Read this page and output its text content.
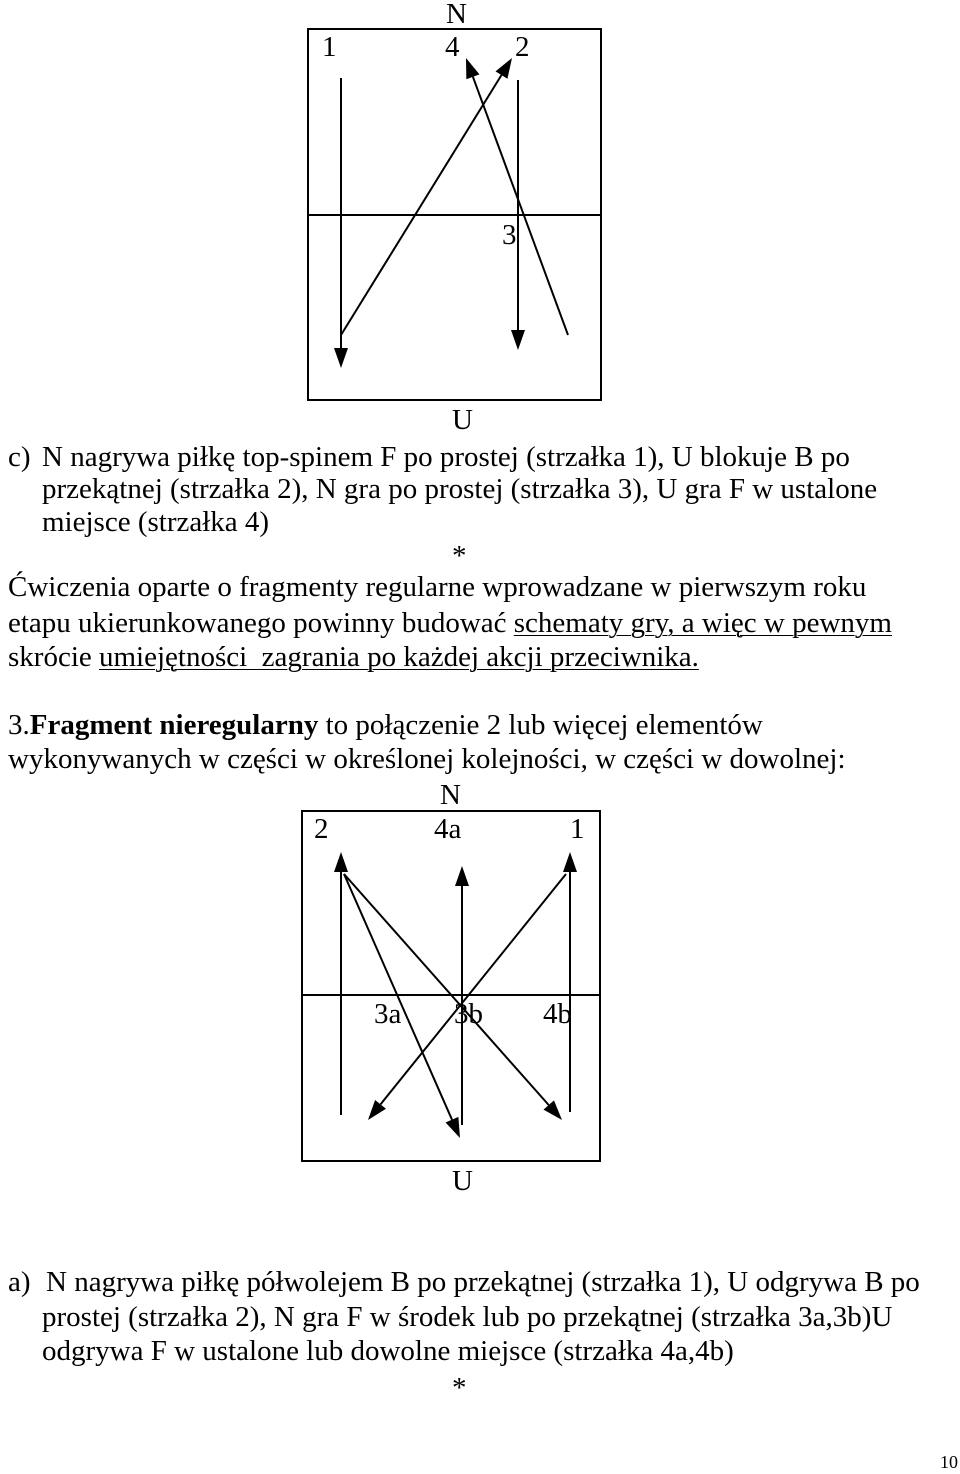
N
1	4 2
3
U
c) N nagrywa piłkę top-spinem F po prostej (strzałka 1), U blokuje B po
przekątnej (strzałka 2), N gra po prostej (strzałka 3), U gra F w ustalone
miejsce (strzałka 4)
*
Ćwiczenia oparte o fragmenty regularne wprowadzane w pierwszym roku
etapu ukierunkowanego powinny budować schematy gry, a więc w pewnym
skrócie umiejętności  zagrania po każdej akcji przeciwnika.
3.Fragment nieregularny to połączenie 2 lub więcej elementów
wykonywanych w części w określonej kolejności, w części w dowolnej:
N
2	4a	1
3a 3b 4b
U
a) N nagrywa piłkę półwolejem B po przekątnej (strzałka 1), U odgrywa B po
prostej (strzałka 2), N gra F w środek lub po przekątnej (strzałka 3a,3b)U
odgrywa F w ustalone lub dowolne miejsce (strzałka 4a,4b)
*
10
